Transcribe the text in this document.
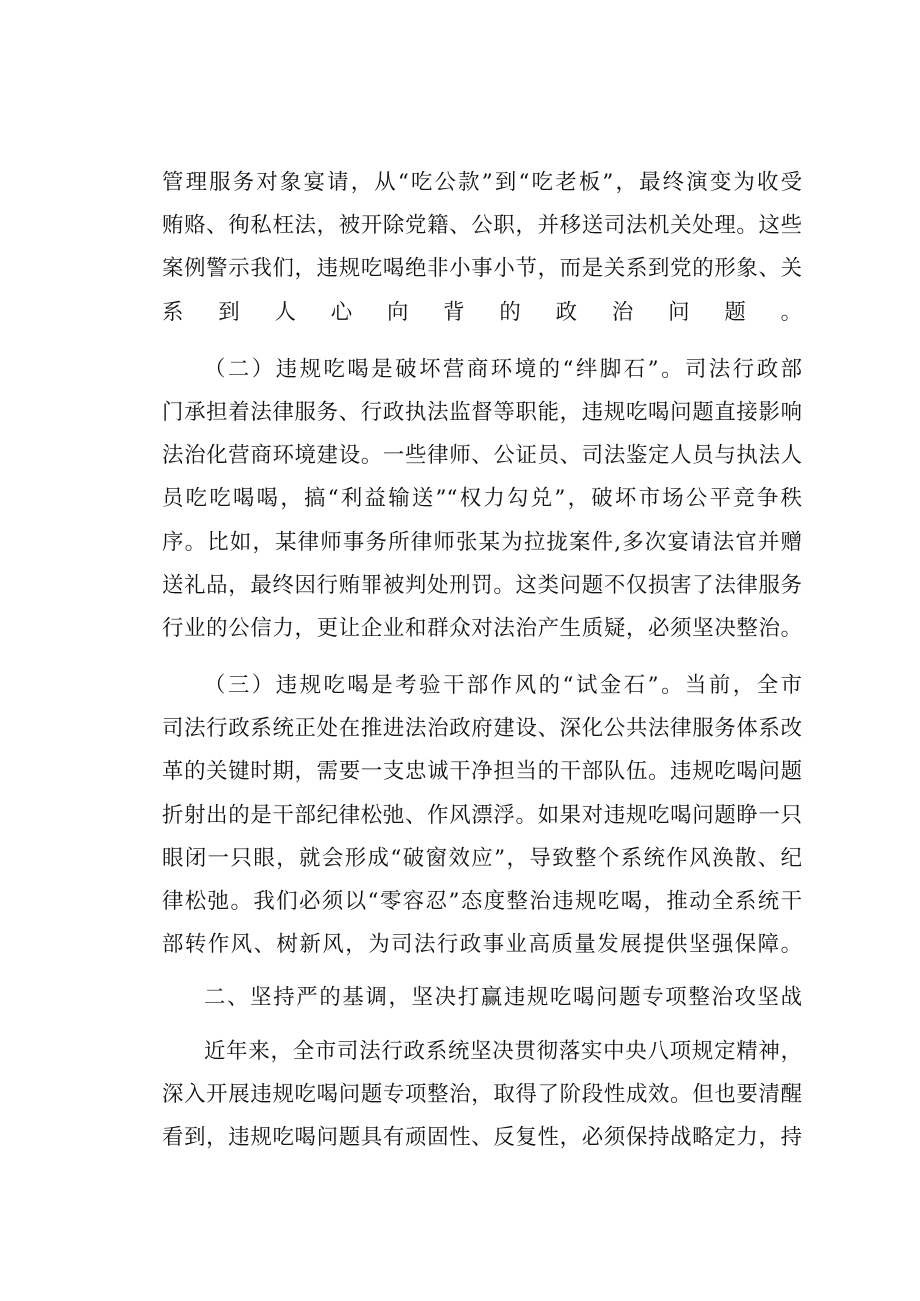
管理服务对象宴请，从“吃公款”到“吃老板”，最终演变为收受
贿赂、徇私枉法，被开除党籍、公职，并移送司法机关处理。这些
案例警示我们，违规吃喝绝非小事小节，而是关系到党的形象、关
系到人心向背的政治问题。
（二）违规吃喝是破坏营商环境的“绊脚石”。司法行政部
门承担着法律服务、行政执法监督等职能，违规吃喝问题直接影响
法治化营商环境建设。一些律师、公证员、司法鉴定人员与执法人
员吃吃喝喝，搞“利益输送”“权力勾兑”，破坏市场公平竞争秩
序。比如，某律师事务所律师张某为拉拢案件,多次宴请法官并赠
送礼品，最终因行贿罪被判处刑罚。这类问题不仅损害了法律服务
行业的公信力，更让企业和群众对法治产生质疑，必须坚决整治。
（三）违规吃喝是考验干部作风的“试金石”。当前，全市
司法行政系统正处在推进法治政府建设、深化公共法律服务体系改
革的关键时期，需要一支忠诚干净担当的干部队伍。违规吃喝问题
折射出的是干部纪律松弛、作风漂浮。如果对违规吃喝问题睁一只
眼闭一只眼，就会形成“破窗效应”，导致整个系统作风涣散、纪
律松弛。我们必须以“零容忍”态度整治违规吃喝，推动全系统干
部转作风、树新风，为司法行政事业高质量发展提供坚强保障。
二、坚持严的基调，坚决打赢违规吃喝问题专项整治攻坚战
近年来，全市司法行政系统坚决贯彻落实中央八项规定精神，
深入开展违规吃喝问题专项整治，取得了阶段性成效。但也要清醒
看到，违规吃喝问题具有顽固性、反复性，必须保持战略定力，持
